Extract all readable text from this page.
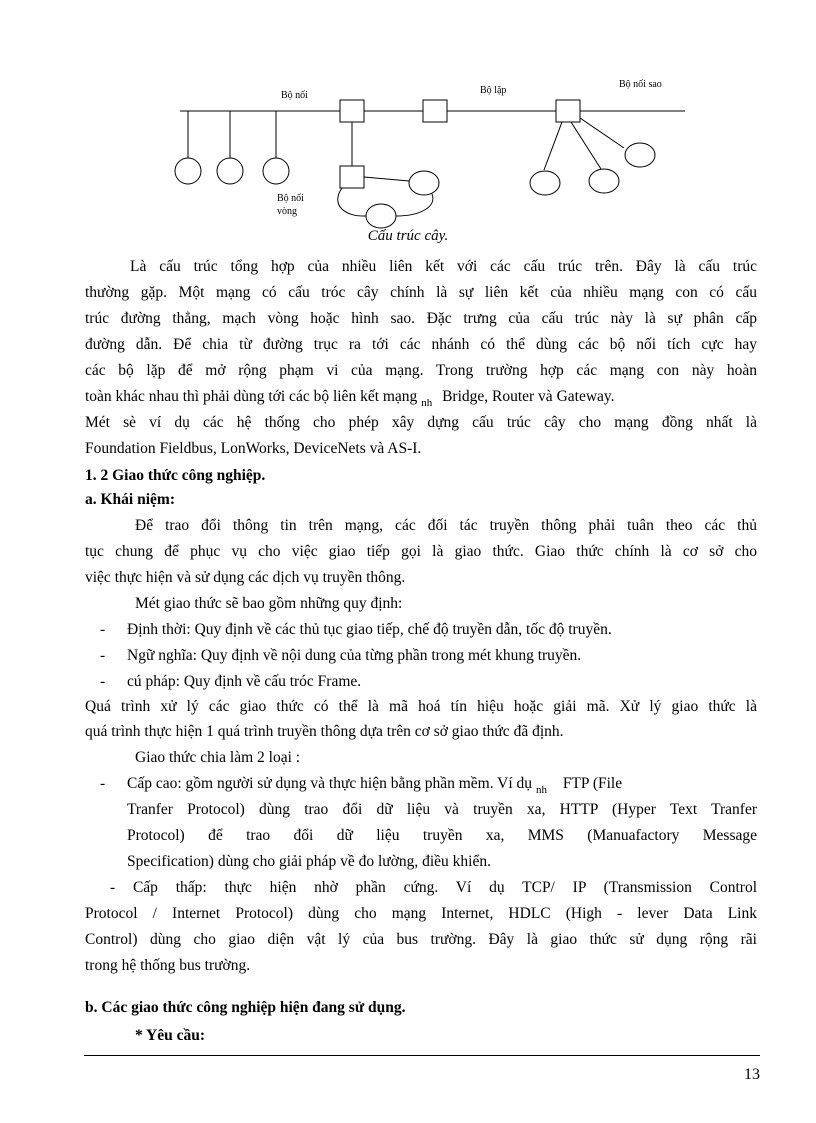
Bộ nối	Bộ lặp
Bộ nối sao
Bộ nối
vòng
Cấu trúc cây.
Là cấu trúc tổng hợp của nhiều liên kết với các cấu trúc trên. Đây là cấu trúc
thường gặp. Một mạng có cấu tróc cây chính là sự liên kết của nhiều mạng con có cấu
trúc đường thẳng, mạch vòng hoặc hình sao. Đặc trưng của cấu trúc này là sự phân cấp
đường dẫn. Để chia từ đường trục ra tới các nhánh có thể dùng các bộ nối tích cực hay
các bộ lặp để mở rộng phạm vi của mạng. Trong trường hợp các mạng con này hoàn
toàn khác nhau thì phải dùng tới các bộ liên kết mạng $_{nh}$ Bridge, Router và Gateway.
Mét sè ví dụ các hệ thống cho phép xây dựng cấu trúc cây cho mạng đồng nhất là
Foundation Fieldbus, LonWorks, DeviceNets và AS-I.
1. 2 Giao thức công nghiệp.
a. Khái niệm:
Để trao đổi thông tin trên mạng, các đối tác truyền thông phải tuân theo các thủ
tục chung để phục vụ cho việc giao tiếp gọi là giao thức. Giao thức chính là cơ sở cho
việc thực hiện và sử dụng các dịch vụ truyền thông.
Mét giao thức sẽ bao gồm những quy định:
- Định thời: Quy định về các thủ tục giao tiếp, chế độ truyền dẫn, tốc độ truyền.
- Ngữ nghĩa: Quy định về nội dung của từng phần trong mét khung truyền.
- cú pháp: Quy định về cấu tróc Frame.
Quá trình xử lý các giao thức có thể là mã hoá tín hiệu hoặc giải mã. Xử lý giao thức là
quá trình thực hiện 1 quá trình truyền thông dựa trên cơ sở giao thức đã định.
Giao thức chia làm 2 loại :
- Cấp cao: gồm người sử dụng và thực hiện bằng phần mềm. Ví dụ $_{nh}$ FTP (File
Tranfer Protocol) dùng trao đổi dữ liệu và truyền xa, HTTP (Hyper Text Tranfer
Protocol) để trao đổi dữ liệu truyền xa, MMS (Manuafactory Message
Specification) dùng cho giải pháp về đo lường, điều khiển.
- Cấp thấp: thực hiện nhờ phần cứng. Ví dụ TCP/ IP (Transmission Control
Protocol / Internet Protocol) dùng cho mạng Internet, HDLC (High - lever Data Link
Control) dùng cho giao diện vật lý của bus trường. Đây là giao thức sử dụng rộng rãi
trong hệ thống bus trường.
b. Các giao thức công nghiệp hiện đang sử dụng.
* Yêu cầu:
13
